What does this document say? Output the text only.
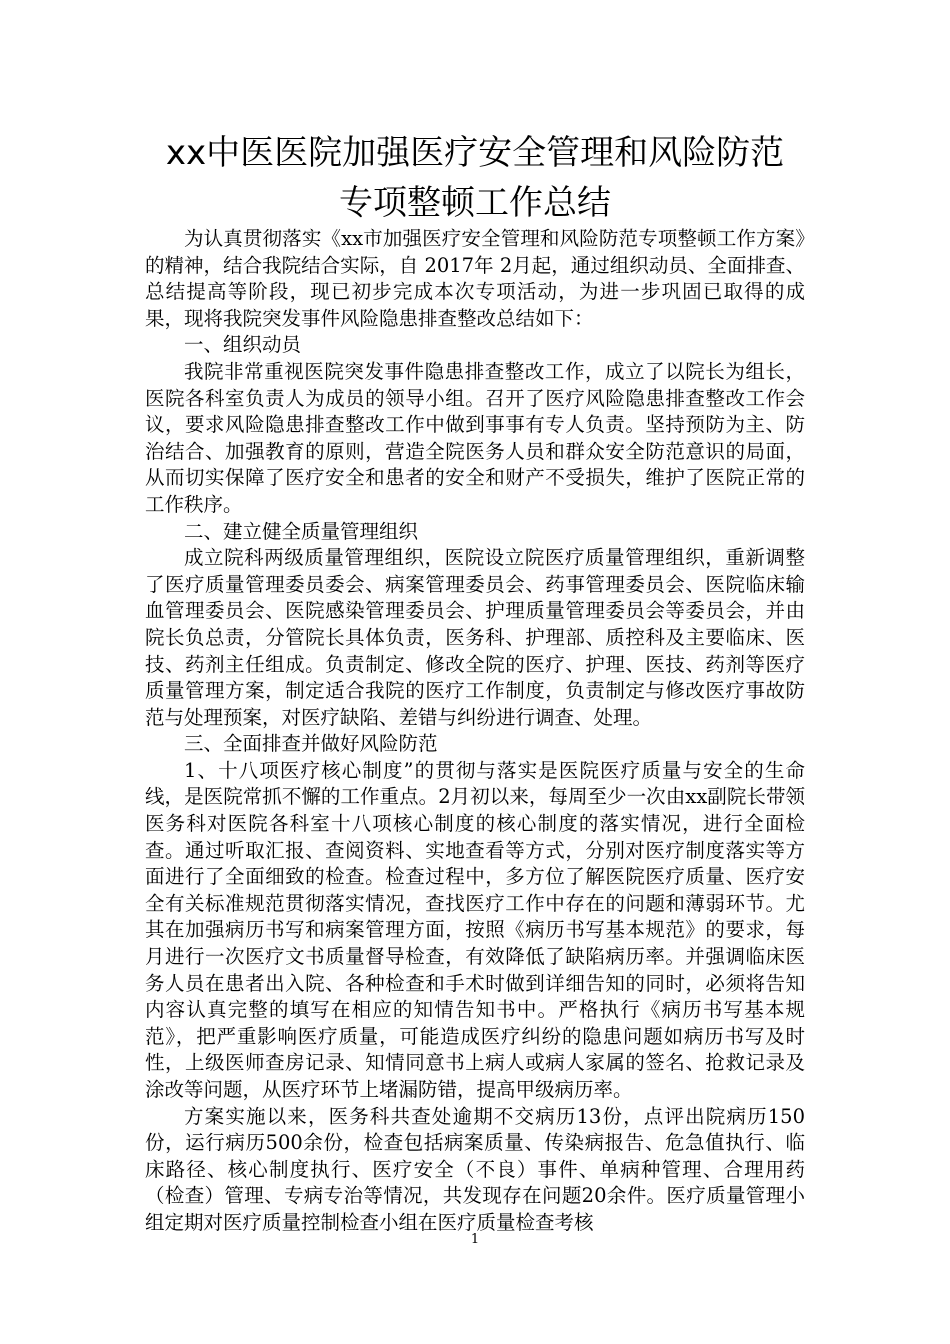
xx中医医院加强医疗安全管理和风险防范
专项整顿工作总结

为认真贯彻落实《xx市加强医疗安全管理和风险防范专项整顿工作方案》的精神，结合我院结合实际，自 2017年 2月起，通过组织动员、全面排查、总结提高等阶段，现已初步完成本次专项活动，为进一步巩固已取得的成果，现将我院突发事件风险隐患排查整改总结如下：

一、组织动员

我院非常重视医院突发事件隐患排查整改工作，成立了以院长为组长，医院各科室负责人为成员的领导小组。召开了医疗风险隐患排查整改工作会议，要求风险隐患排查整改工作中做到事事有专人负责。坚持预防为主、防治结合、加强教育的原则，营造全院医务人员和群众安全防范意识的局面，从而切实保障了医疗安全和患者的安全和财产不受损失，维护了医院正常的工作秩序。

二、建立健全质量管理组织

成立院科两级质量管理组织，医院设立院医疗质量管理组织，重新调整了医疗质量管理委员委会、病案管理委员会、药事管理委员会、医院临床输血管理委员会、医院感染管理委员会、护理质量管理委员会等委员会，并由院长负总责，分管院长具体负责，医务科、护理部、质控科及主要临床、医技、药剂主任组成。负责制定、修改全院的医疗、护理、医技、药剂等医疗质量管理方案，制定适合我院的医疗工作制度，负责制定与修改医疗事故防范与处理预案，对医疗缺陷、差错与纠纷进行调查、处理。

三、全面排查并做好风险防范

1、十八项医疗核心制度”的贯彻与落实是医院医疗质量与安全的生命线，是医院常抓不懈的工作重点。2月初以来，每周至少一次由xx副院长带领医务科对医院各科室十八项核心制度的核心制度的落实情况，进行全面检查。通过听取汇报、查阅资料、实地查看等方式，分别对医疗制度落实等方面进行了全面细致的检查。检查过程中，多方位了解医院医疗质量、医疗安全有关标准规范贯彻落实情况，查找医疗工作中存在的问题和薄弱环节。尤其在加强病历书写和病案管理方面，按照《病历书写基本规范》的要求，每月进行一次医疗文书质量督导检查，有效降低了缺陷病历率。并强调临床医务人员在患者出入院、各种检查和手术时做到详细告知的同时，必须将告知内容认真完整的填写在相应的知情告知书中。严格执行《病历书写基本规范》，把严重影响医疗质量，可能造成医疗纠纷的隐患问题如病历书写及时性，上级医师查房记录、知情同意书上病人或病人家属的签名、抢救记录及涂改等问题，从医疗环节上堵漏防错，提高甲级病历率。

方案实施以来，医务科共查处逾期不交病历13份，点评出院病历150份，运行病历500余份，检查包括病案质量、传染病报告、危急值执行、临床路径、核心制度执行、医疗安全（不良）事件、单病种管理、合理用药（检查）管理、专病专治等情况，共发现存在问题20余件。医疗质量管理小组定期对医疗质量控制检查小组在医疗质量检查考核

1
